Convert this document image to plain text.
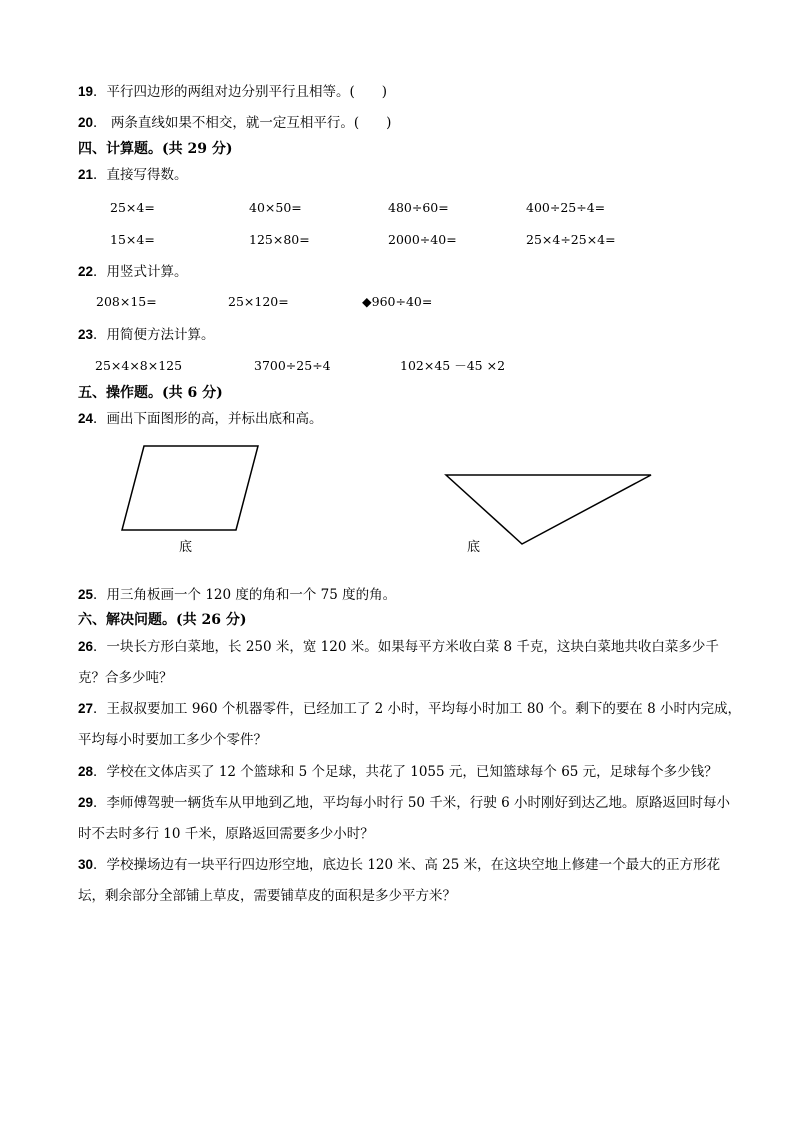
19．平行四边形的两组对边分别平行且相等。(　　)
20． 两条直线如果不相交，就一定互相平行。(　　)
四、计算题。(共 29 分)
21．直接写得数。
25×4=	40×50=	480÷60=	400÷25÷4=
15×4=	125×80=	2000÷40=	25×4÷25×4=
22．用竖式计算。
208×15=	25×120=	◆960÷40=
23．用简便方法计算。
25×4×8×125	3700÷25÷4	102×45 －45 ×2
五、操作题。(共 6 分)
24．画出下面图形的高，并标出底和高。
底	底
25．用三角板画一个 120 度的角和一个 75 度的角。
六、解决问题。(共 26 分)
26．一块长方形白菜地，长 250 米，宽 120 米。如果每平方米收白菜 8 千克，这块白菜地共收白菜多少千克？合多少吨？
27．王叔叔要加工 960 个机器零件，已经加工了 2 小时，平均每小时加工 80 个。剩下的要在 8 小时内完成，平均每小时要加工多少个零件？
28．学校在文体店买了 12 个篮球和 5 个足球，共花了 1055 元，已知篮球每个 65 元，足球每个多少钱？
29．李师傅驾驶一辆货车从甲地到乙地，平均每小时行 50 千米，行驶 6 小时刚好到达乙地。原路返回时每小时不去时多行 10 千米，原路返回需要多少小时？
30．学校操场边有一块平行四边形空地，底边长 120 米、高 25 米，在这块空地上修建一个最大的正方形花坛，剩余部分全部铺上草皮，需要铺草皮的面积是多少平方米？
